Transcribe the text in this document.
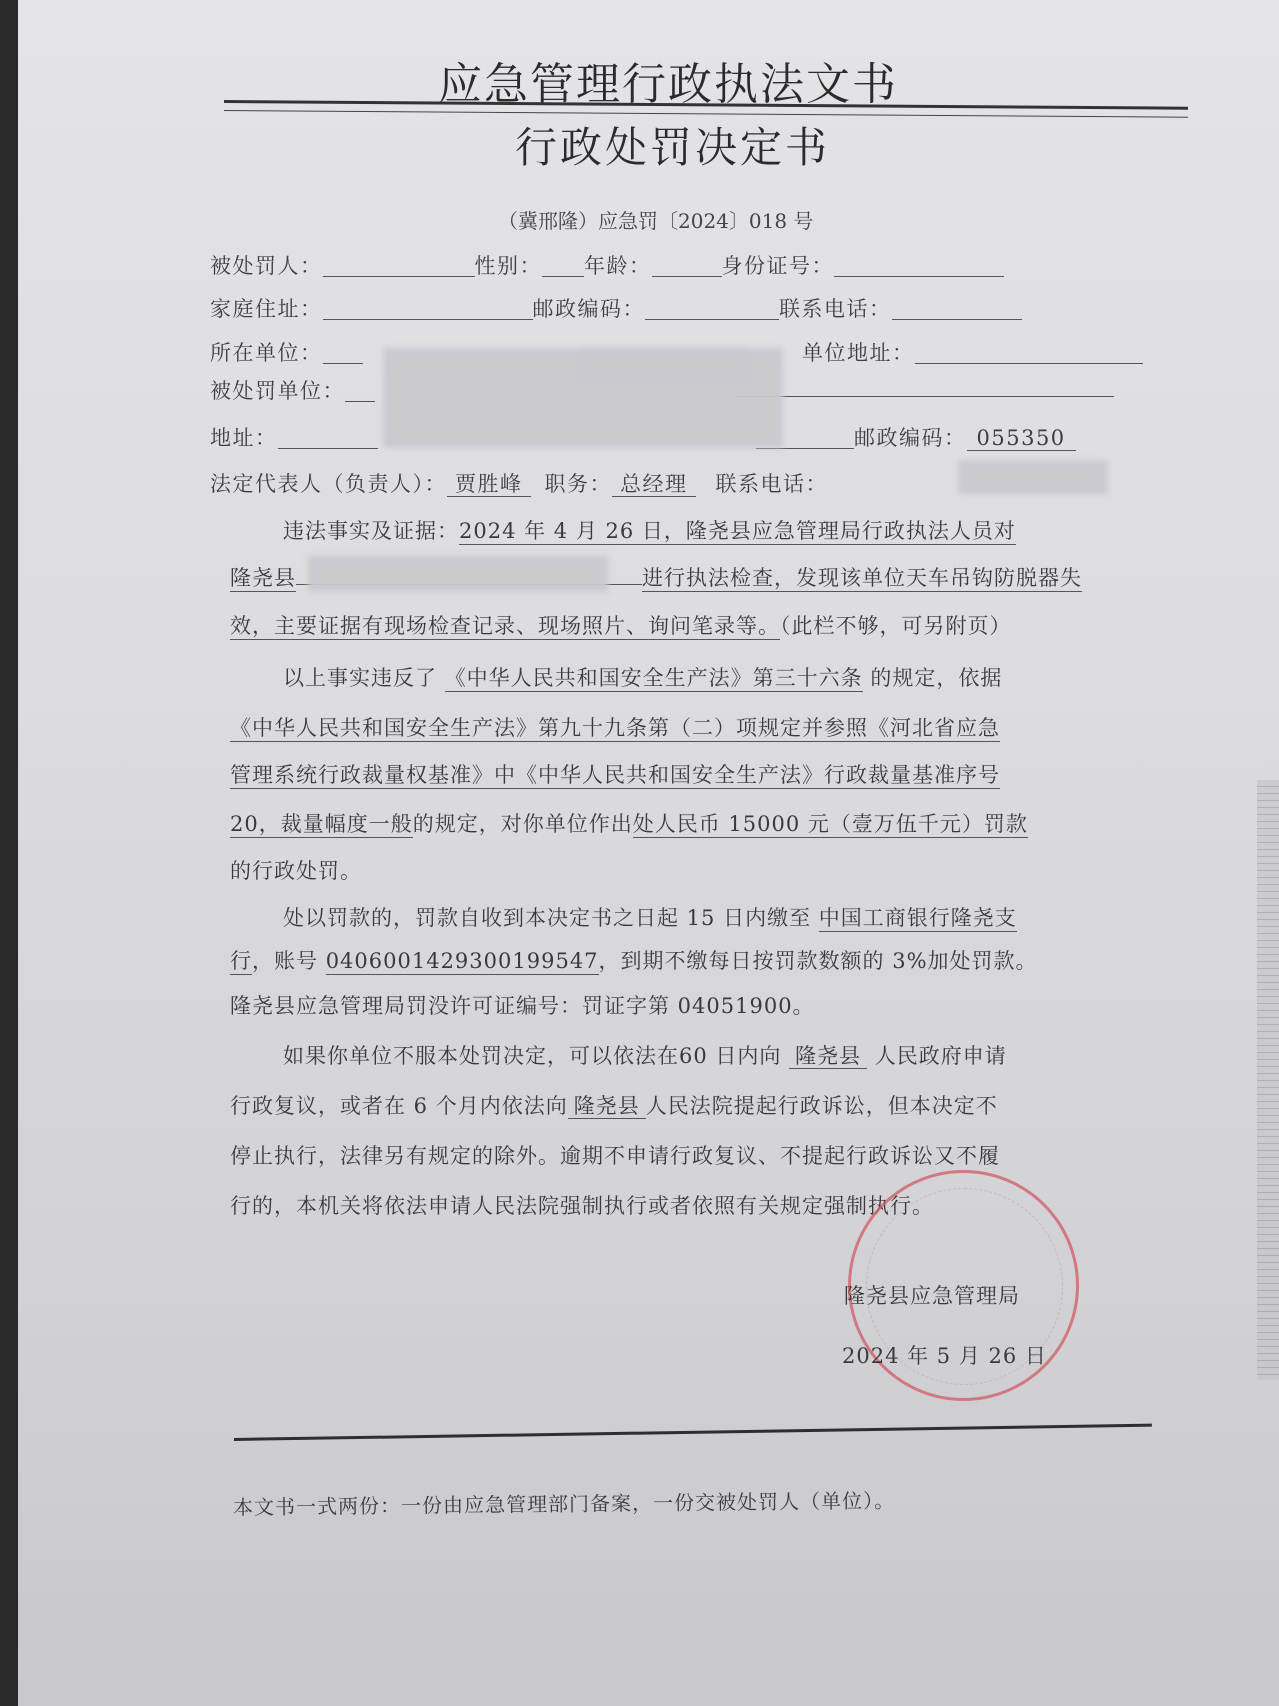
应急管理行政执法文书
行政处罚决定书
（冀邢隆）应急罚〔2024〕018 号
被处罚人：	性别： 年龄：	身份证号：
家庭住址：	邮政编码：	联系电话：
所在单位：	单位地址：
被处罚单位：
地址：	邮政编码： 055350
法定代表人（负责人）： 贾胜峰 职务： 总经理 联系电话：
违法事实及证据：2024 年 4 月 26 日，隆尧县应急管理局行政执法人员对
隆尧县	进行执法检查，发现该单位天车吊钩防脱器失
效，主要证据有现场检查记录、现场照片、询问笔录等。（此栏不够，可另附页）
以上事实违反了 《中华人民共和国安全生产法》第三十六条 的规定，依据
《中华人民共和国安全生产法》第九十九条第（二）项规定并参照《河北省应急
管理系统行政裁量权基准》中《中华人民共和国安全生产法》行政裁量基准序号
20，裁量幅度一般的规定，对你单位作出处人民币 15000 元（壹万伍千元）罚款
的行政处罚。
处以罚款的，罚款自收到本决定书之日起 15 日内缴至 中国工商银行隆尧支
行，账号 0406001429300199547，到期不缴每日按罚款数额的 3%加处罚款。
隆尧县应急管理局罚没许可证编号：罚证字第 04051900。
如果你单位不服本处罚决定，可以依法在60 日内向 隆尧县 人民政府申请
行政复议，或者在 6 个月内依法向 隆尧县 人民法院提起行政诉讼，但本决定不
停止执行，法律另有规定的除外。逾期不申请行政复议、不提起行政诉讼又不履
行的，本机关将依法申请人民法院强制执行或者依照有关规定强制执行。
隆尧县应急管理局
2024 年 5 月 26 日
本文书一式两份：一份由应急管理部门备案，一份交被处罚人（单位）。
